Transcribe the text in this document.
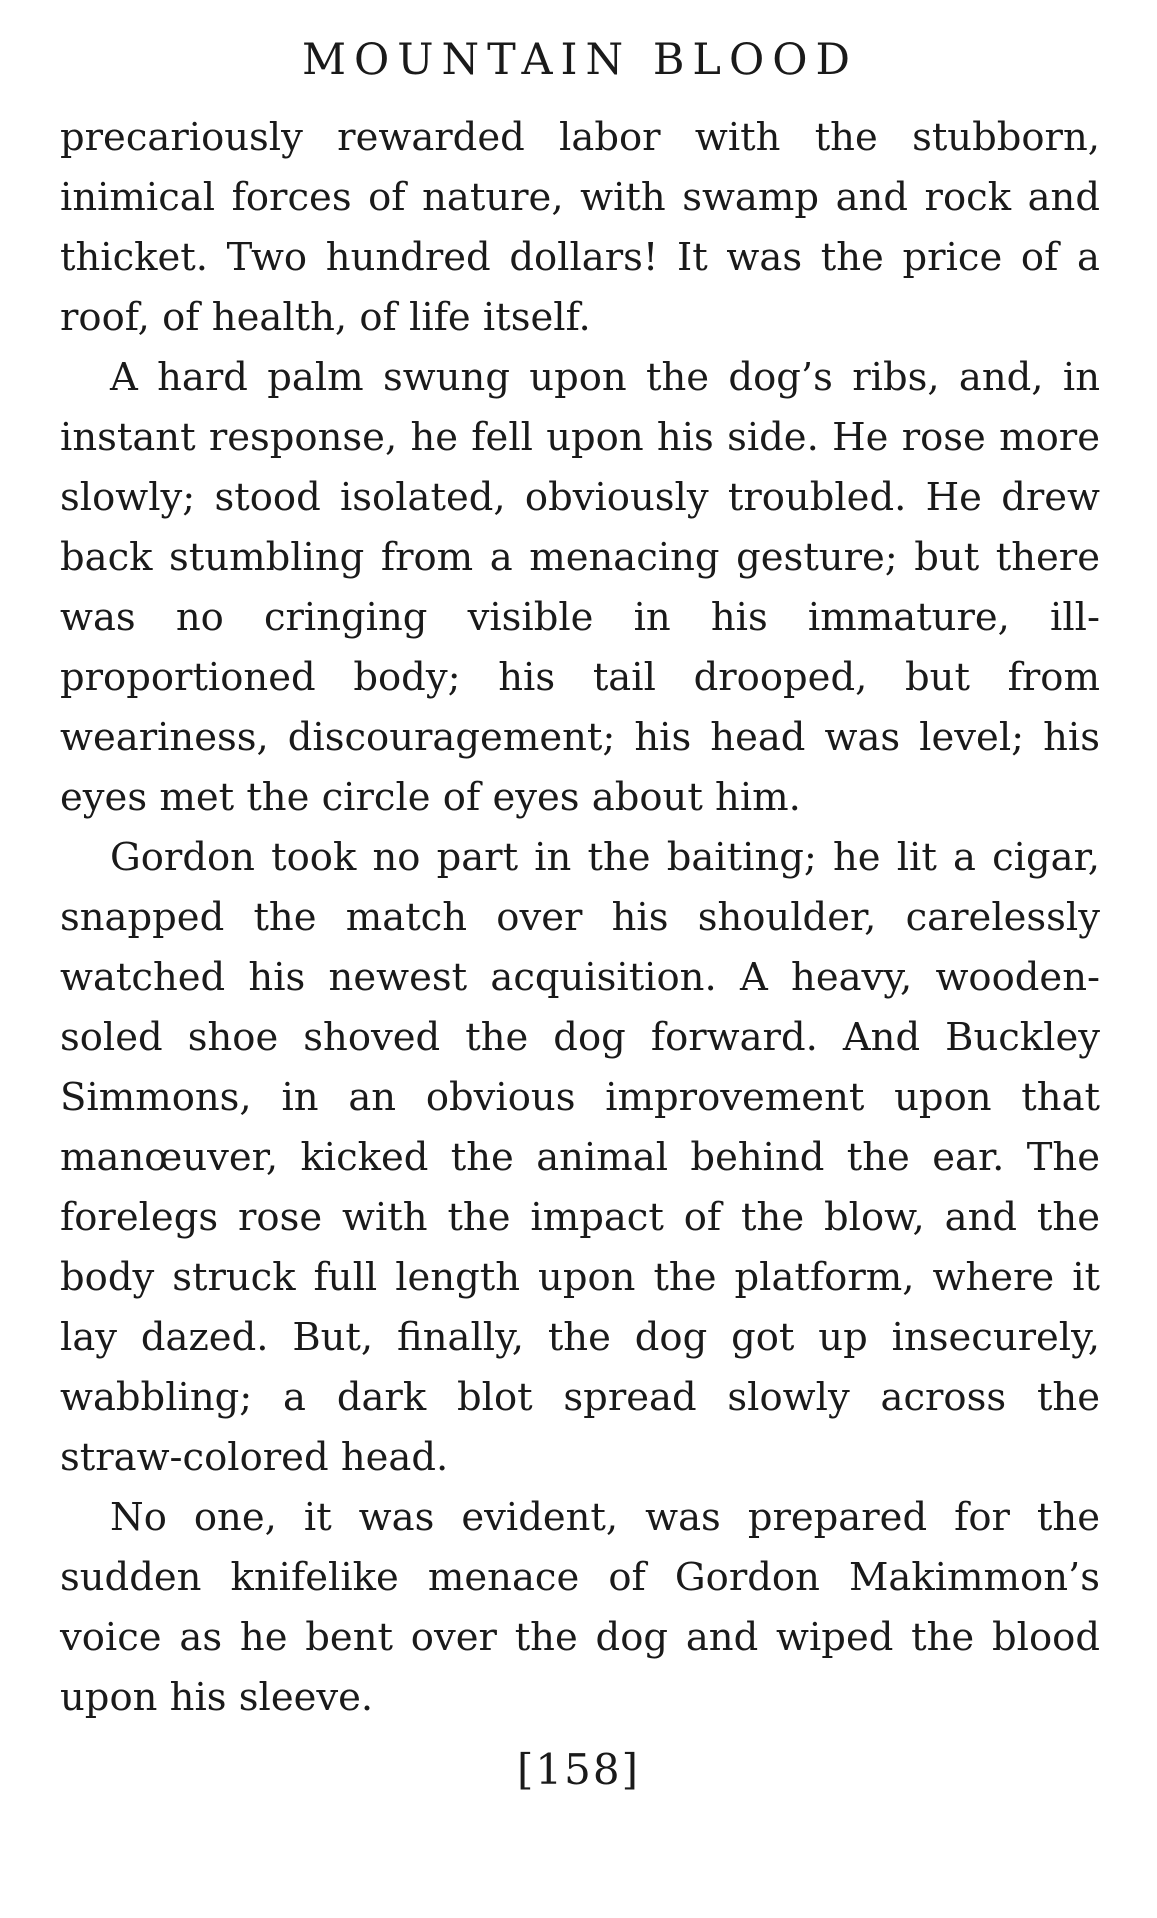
MOUNTAIN BLOOD

precariously rewarded labor with the stubborn, inimical forces of nature, with swamp and rock and thicket. Two hundred dollars! It was the price of a roof, of health, of life itself.

A hard palm swung upon the dog’s ribs, and, in instant response, he fell upon his side. He rose more slowly; stood isolated, obviously troubled. He drew back stumbling from a menacing gesture; but there was no cringing visible in his immature, ill-proportioned body; his tail drooped, but from weariness, discouragement; his head was level; his eyes met the circle of eyes about him.

Gordon took no part in the baiting; he lit a cigar, snapped the match over his shoulder, carelessly watched his newest acquisition. A heavy, wooden-soled shoe shoved the dog forward. And Buckley Simmons, in an obvious improvement upon that manœuver, kicked the animal behind the ear. The forelegs rose with the impact of the blow, and the body struck full length upon the platform, where it lay dazed. But, finally, the dog got up insecurely, wabbling; a dark blot spread slowly across the straw-colored head.

No one, it was evident, was prepared for the sudden knifelike menace of Gordon Makimmon’s voice as he bent over the dog and wiped the blood upon his sleeve.

[158]
